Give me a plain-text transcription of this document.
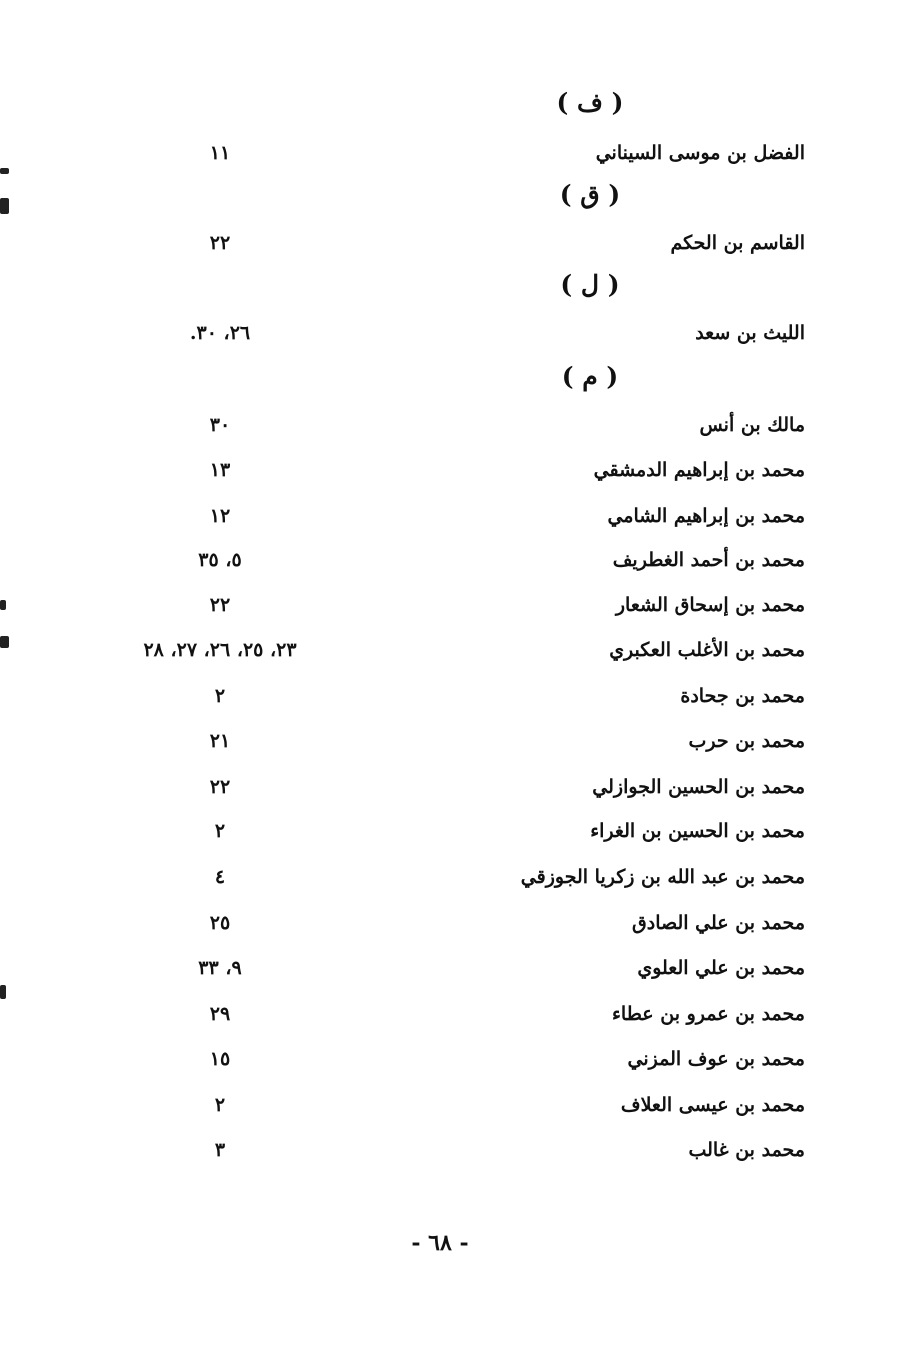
( ف )
الفضل بن موسى السيناني
١١
( ق )
القاسم بن الحكم
٢٢
( ل )
الليث بن سعد
٢٦، ٣٠.
( م )
مالك بن أنس
٣٠
محمد بن إبراهيم الدمشقي
١٣
محمد بن إبراهيم الشامي
١٢
محمد بن أحمد الغطريف
٥، ٣٥
محمد بن إسحاق الشعار
٢٢
محمد بن الأغلب العكبري
٢٣، ٢٥، ٢٦، ٢٧، ٢٨
محمد بن جحادة
٢
محمد بن حرب
٢١
محمد بن الحسين الجوازلي
٢٢
محمد بن الحسين بن الغراء
٢
محمد بن عبد الله بن زكريا الجوزقي
٤
محمد بن علي الصادق
٢٥
محمد بن علي العلوي
٩، ٣٣
محمد بن عمرو بن عطاء
٢٩
محمد بن عوف المزني
١٥
محمد بن عيسى العلاف
٢
محمد بن غالب
٣
- ٦٨ -
